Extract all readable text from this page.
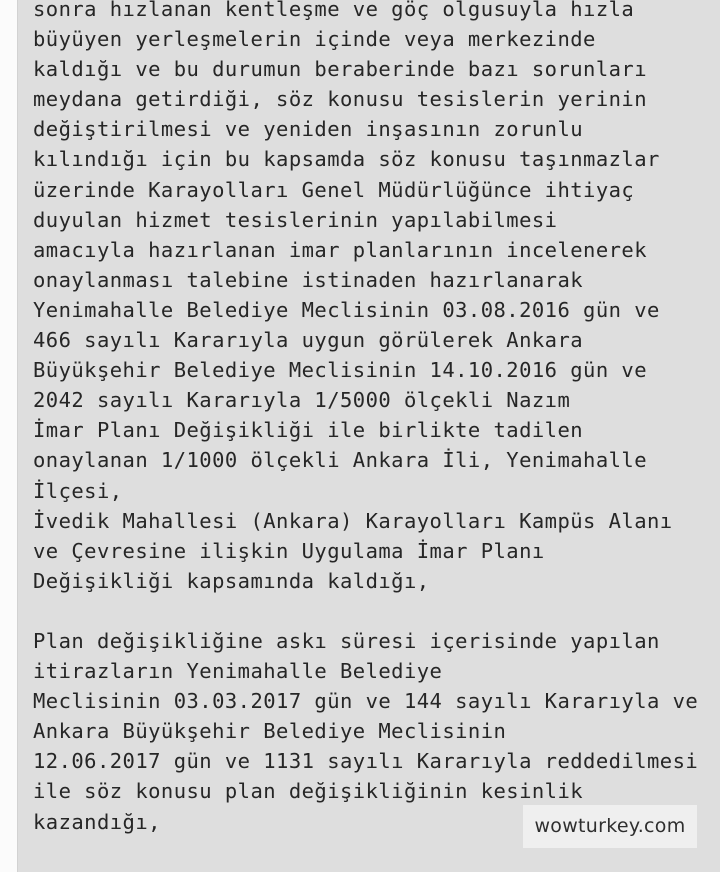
sonra hızlanan kentleşme ve göç olgusuyla hızla
büyüyen yerleşmelerin içinde veya merkezinde
kaldığı ve bu durumun beraberinde bazı sorunları
meydana getirdiği, söz konusu tesislerin yerinin
değiştirilmesi ve yeniden inşasının zorunlu
kılındığı için bu kapsamda söz konusu taşınmazlar
üzerinde Karayolları Genel Müdürlüğünce ihtiyaç
duyulan hizmet tesislerinin yapılabilmesi
amacıyla hazırlanan imar planlarının incelenerek
onaylanması talebine istinaden hazırlanarak
Yenimahalle Belediye Meclisinin 03.08.2016 gün ve
466 sayılı Kararıyla uygun görülerek Ankara
Büyükşehir Belediye Meclisinin 14.10.2016 gün ve
2042 sayılı Kararıyla 1/5000 ölçekli Nazım
İmar Planı Değişikliği ile birlikte tadilen
onaylanan 1/1000 ölçekli Ankara İli, Yenimahalle
İlçesi,
İvedik Mahallesi (Ankara) Karayolları Kampüs Alanı
ve Çevresine ilişkin Uygulama İmar Planı
Değişikliği kapsamında kaldığı,
Plan değişikliğine askı süresi içerisinde yapılan
itirazların Yenimahalle Belediye
Meclisinin 03.03.2017 gün ve 144 sayılı Kararıyla ve
Ankara Büyükşehir Belediye Meclisinin
12.06.2017 gün ve 1131 sayılı Kararıyla reddedilmesi
ile söz konusu plan değişikliğinin kesinlik
kazandığı,	wowturkey.com
